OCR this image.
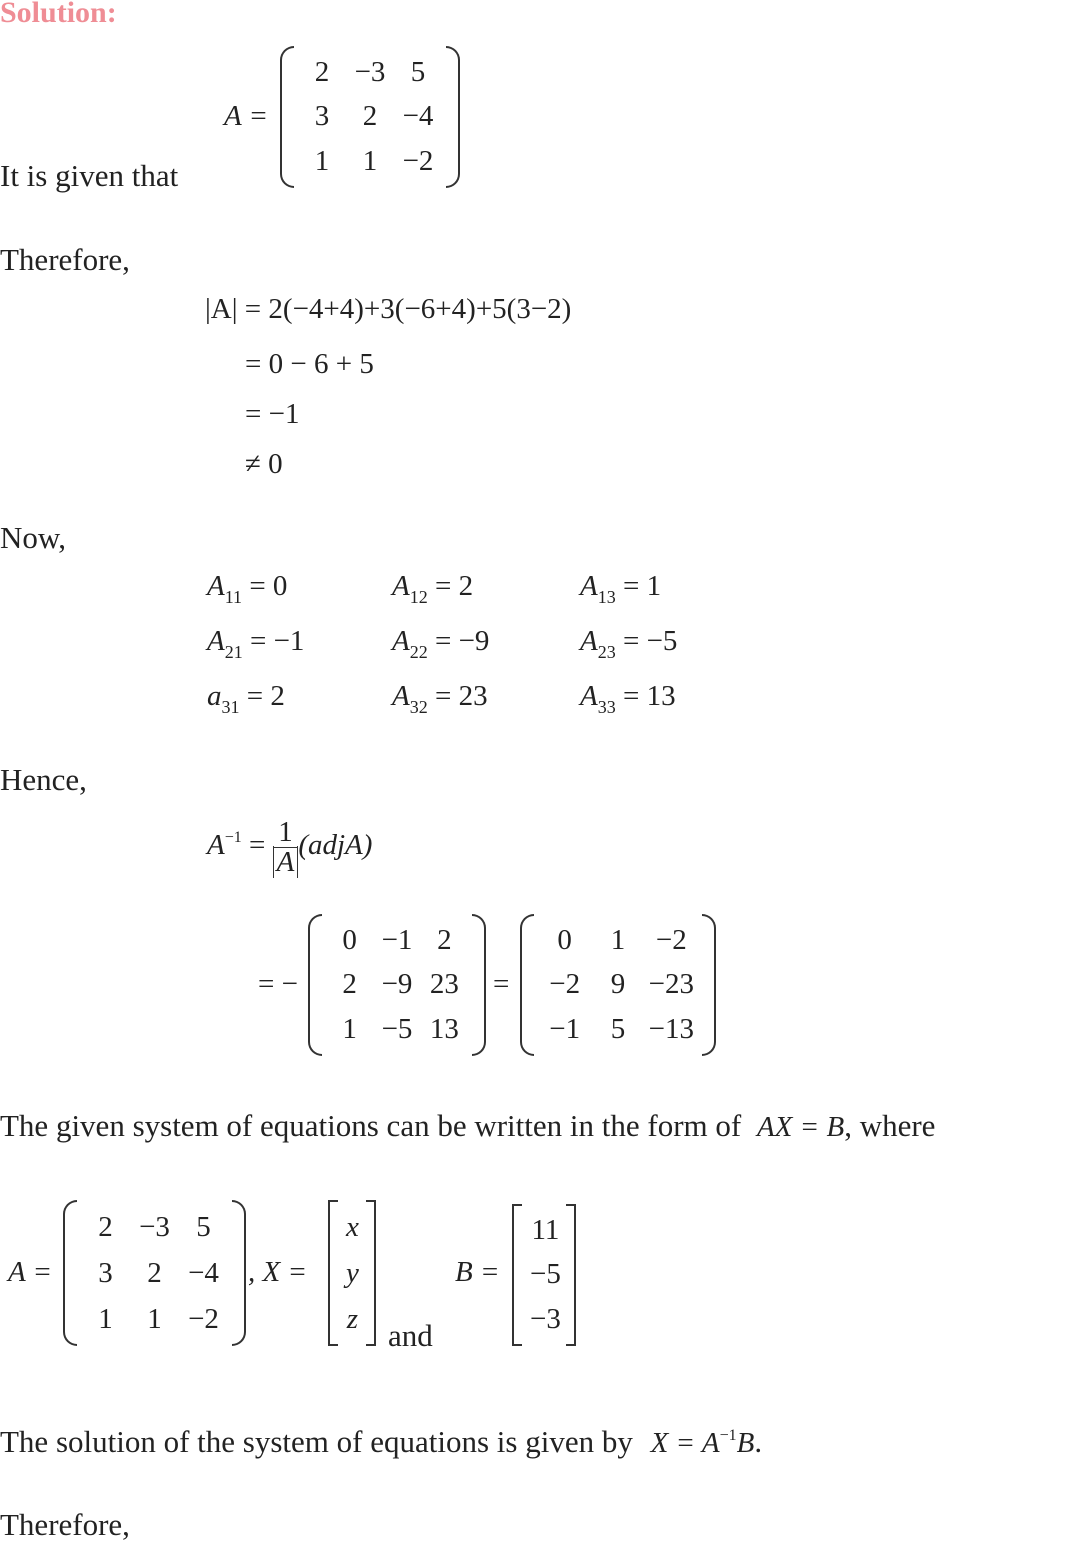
Solution:
It is given that
A =
2 −3 5
3 2 −4
1 1 −2
Therefore,
|A| = 2(−4+4)+3(−6+4)+5(3−2)
= 0 − 6 + 5
= −1
≠ 0
Now,
$A_{11} = 0$	$A_{12} = 2$	$A_{13} = 1$
$A_{21} = -1$	$A_{22} = -9$	$A_{23} = -5$
$a_{31} = 2$	$A_{32} = 23$	$A_{33} = 13$
Hence,
$A^{-1} = \frac{1}{A}$ (adjA)
= −
0 −1 2
2 −9 23
1 −5 13
=
0 1 −2
−2 9 −23
−1 5 −13
The given system of equations can be written in the form of AX = B, where
A =
2 −3 5
3 2 −4
1 1 −2
, X =
x
y
z and
B =
11
−5
−3
The solution of the system of equations is given by $X = A^{-1}B$.
Therefore,
